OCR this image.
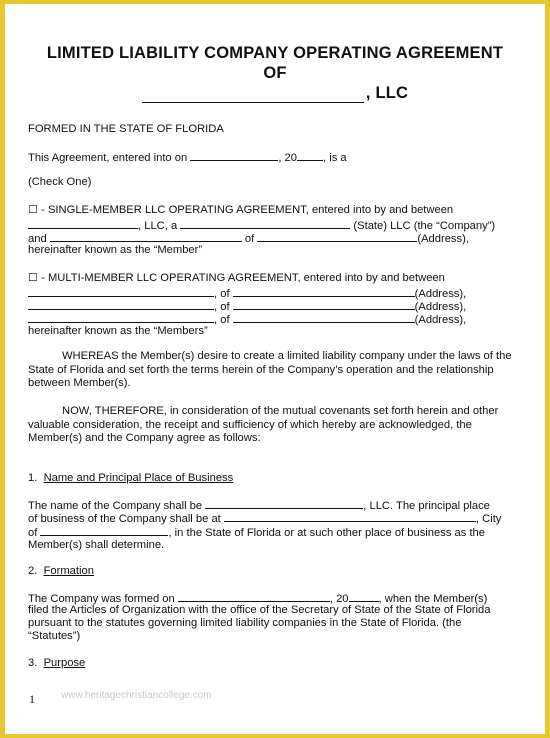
LIMITED LIABILITY COMPANY OPERATING AGREEMENT
OF
, LLC
FORMED IN THE STATE OF FLORIDA
This Agreement, entered into on	, 20 , is a
(Check One)
☐ - SINGLE-MEMBER LLC OPERATING AGREEMENT, entered into by and between
, LLC, a	(State) LLC (the “Company”)
and	of	(Address),
hereinafter known as the “Member”
☐ - MULTI-MEMBER LLC OPERATING AGREEMENT, entered into by and between
, of	(Address),
, of	(Address),
, of	(Address),
hereinafter known as the “Members”
WHEREAS the Member(s) desire to create a limited liability company under the laws of the State of Florida and set forth the terms herein of the Company’s operation and the relationship between Member(s).
NOW, THEREFORE, in consideration of the mutual covenants set forth herein and other valuable consideration, the receipt and sufficiency of which hereby are acknowledged, the Member(s) and the Company agree as follows:
1. Name and Principal Place of Business
The name of the Company shall be	, LLC. The principal place
of business of the Company shall be at	, City
of	, in the State of Florida or at such other place of business as the
Member(s) shall determine.
2. Formation
The Company was formed on	, 20	, when the Member(s)
filed the Articles of Organization with the office of the Secretary of State of the State of Florida
pursuant to the statutes governing limited liability companies in the State of Florida. (the
“Statutes”)
3. Purpose
1	www.heritagechristiancollege.com
